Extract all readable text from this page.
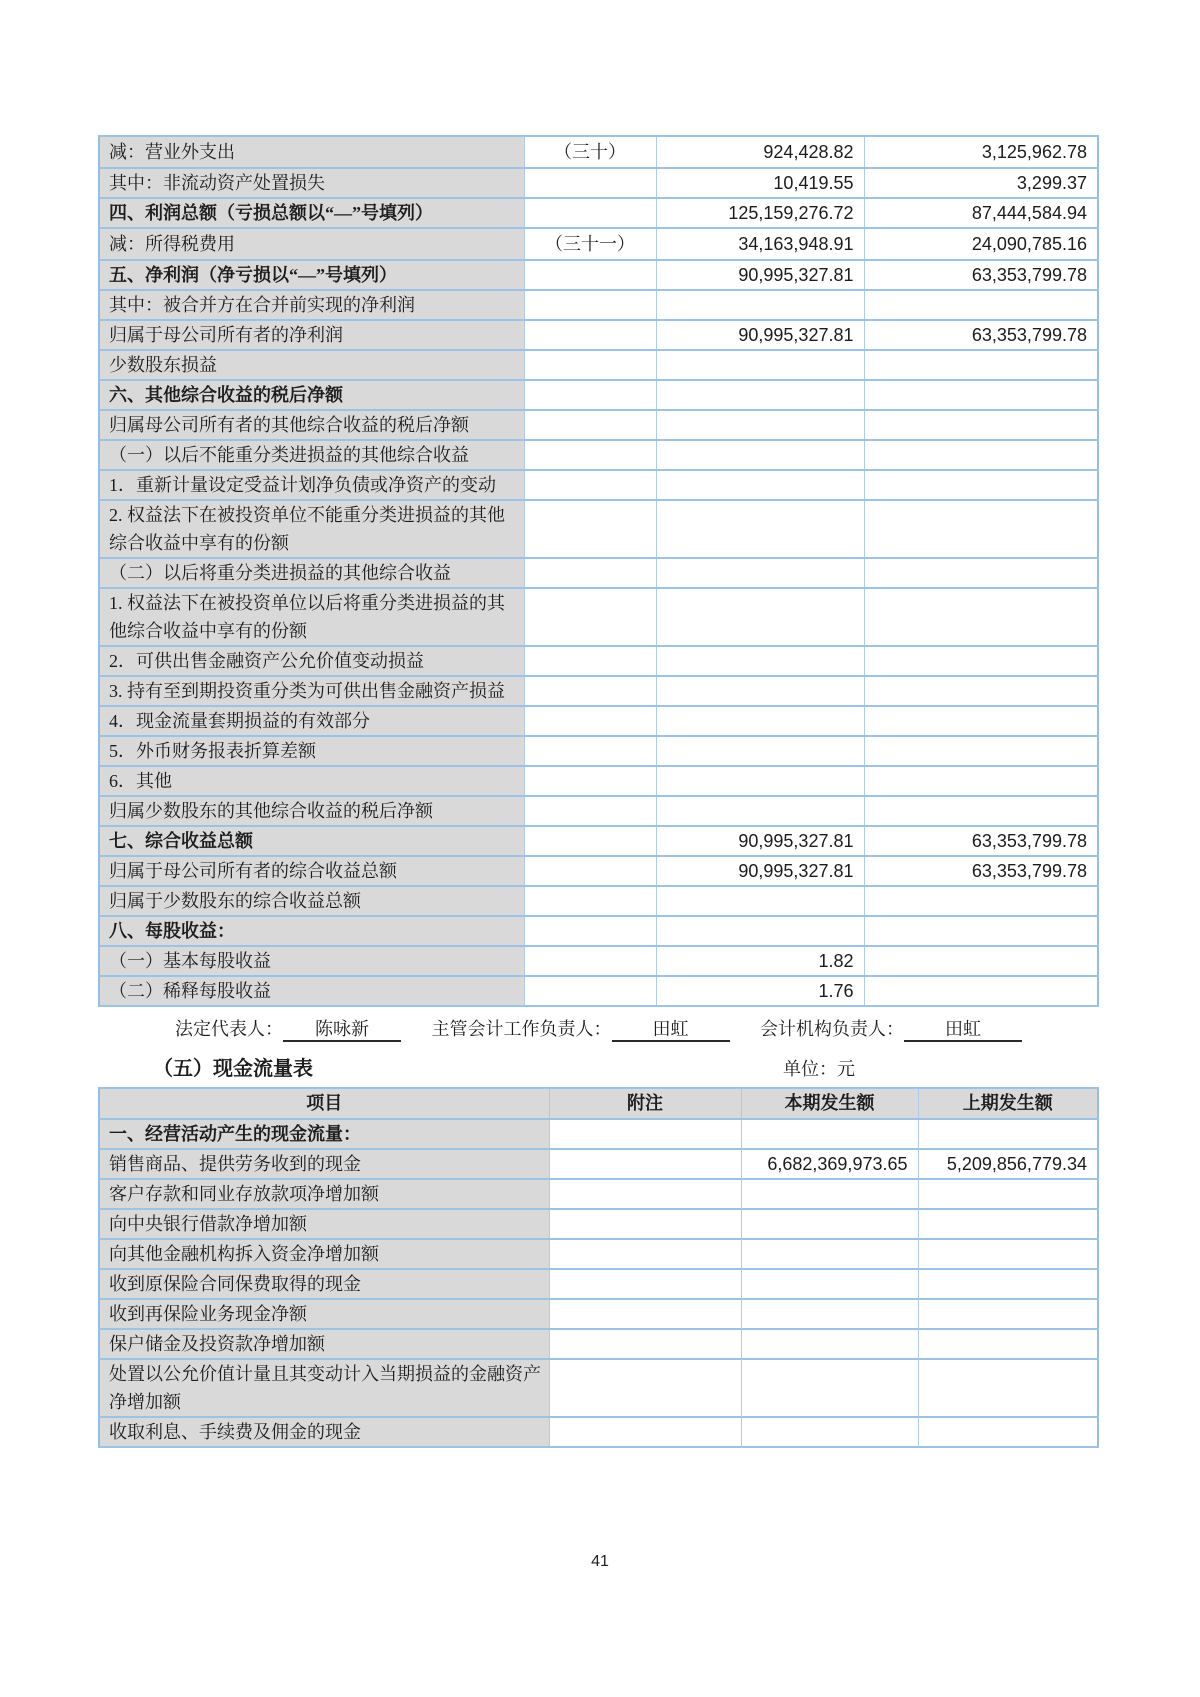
减：营业外支出	（三十）	924,428.82	3,125,962.78
其中：非流动资产处置损失		10,419.55	3,299.37
四、利润总额（亏损总额以“—”号填列）		125,159,276.72	87,444,584.94
减：所得税费用	（三十一）	34,163,948.91	24,090,785.16
五、净利润（净亏损以“—”号填列）		90,995,327.81	63,353,799.78
其中：被合并方在合并前实现的净利润			
归属于母公司所有者的净利润		90,995,327.81	63,353,799.78
少数股东损益			
六、其他综合收益的税后净额			
归属母公司所有者的其他综合收益的税后净额			
（一）以后不能重分类进损益的其他综合收益			
1．重新计量设定受益计划净负债或净资产的变动			
2. 权益法下在被投资单位不能重分类进损益的其他综合收益中享有的份额			
（二）以后将重分类进损益的其他综合收益			
1. 权益法下在被投资单位以后将重分类进损益的其他综合收益中享有的份额			
2．可供出售金融资产公允价值变动损益			
3. 持有至到期投资重分类为可供出售金融资产损益			
4．现金流量套期损益的有效部分			
5．外币财务报表折算差额			
6．其他			
归属少数股东的其他综合收益的税后净额			
七、综合收益总额		90,995,327.81	63,353,799.78
归属于母公司所有者的综合收益总额		90,995,327.81	63,353,799.78
归属于少数股东的综合收益总额			
八、每股收益：			
（一）基本每股收益		1.82	
（二）稀释每股收益		1.76	
法定代表人： 陈咏新	主管会计工作负责人： 田虹	会计机构负责人： 田虹
（五）现金流量表	单位：元
项目	附注	本期发生额	上期发生额
一、经营活动产生的现金流量：			
销售商品、提供劳务收到的现金		6,682,369,973.65	5,209,856,779.34
客户存款和同业存放款项净增加额			
向中央银行借款净增加额			
向其他金融机构拆入资金净增加额			
收到原保险合同保费取得的现金			
收到再保险业务现金净额			
保户储金及投资款净增加额			
处置以公允价值计量且其变动计入当期损益的金融资产净增加额			
收取利息、手续费及佣金的现金			
41
